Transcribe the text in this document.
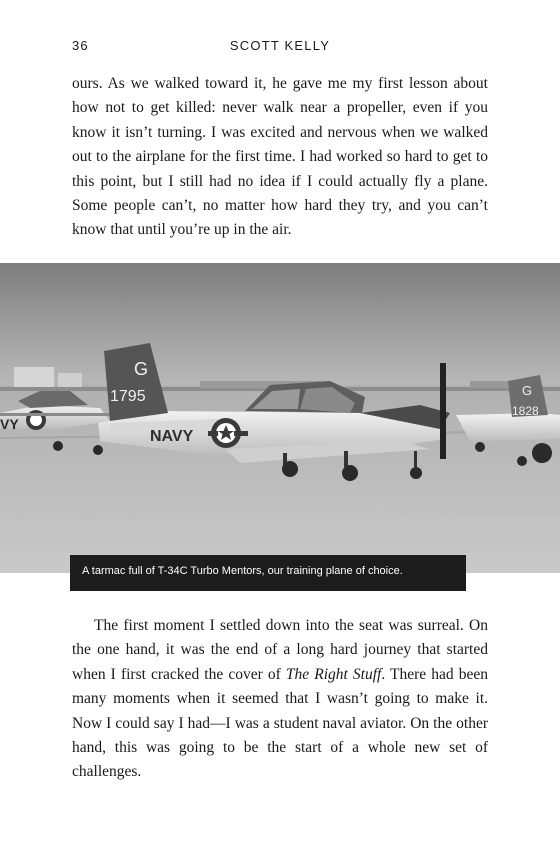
36	SCOTT KELLY

ours. As we walked toward it, he gave me my first lesson about how not to get killed: never walk near a propeller, even if you know it isn’t turning. I was excited and nervous when we walked out to the airplane for the first time. I had worked so hard to get to this point, but I still had no idea if I could actually fly a plane. Some people can’t, no matter how hard they try, and you can’t know that until you’re up in the air.

VY
G
1795
NAVY
G
1828
A tarmac full of T-34C Turbo Mentors, our training plane of choice.

The first moment I settled down into the seat was surreal. On the one hand, it was the end of a long hard journey that started when I first cracked the cover of The Right Stuff. There had been many moments when it seemed that I wasn’t going to make it. Now I could say I had—I was a student naval aviator. On the other hand, this was going to be the start of a whole new set of challenges.
